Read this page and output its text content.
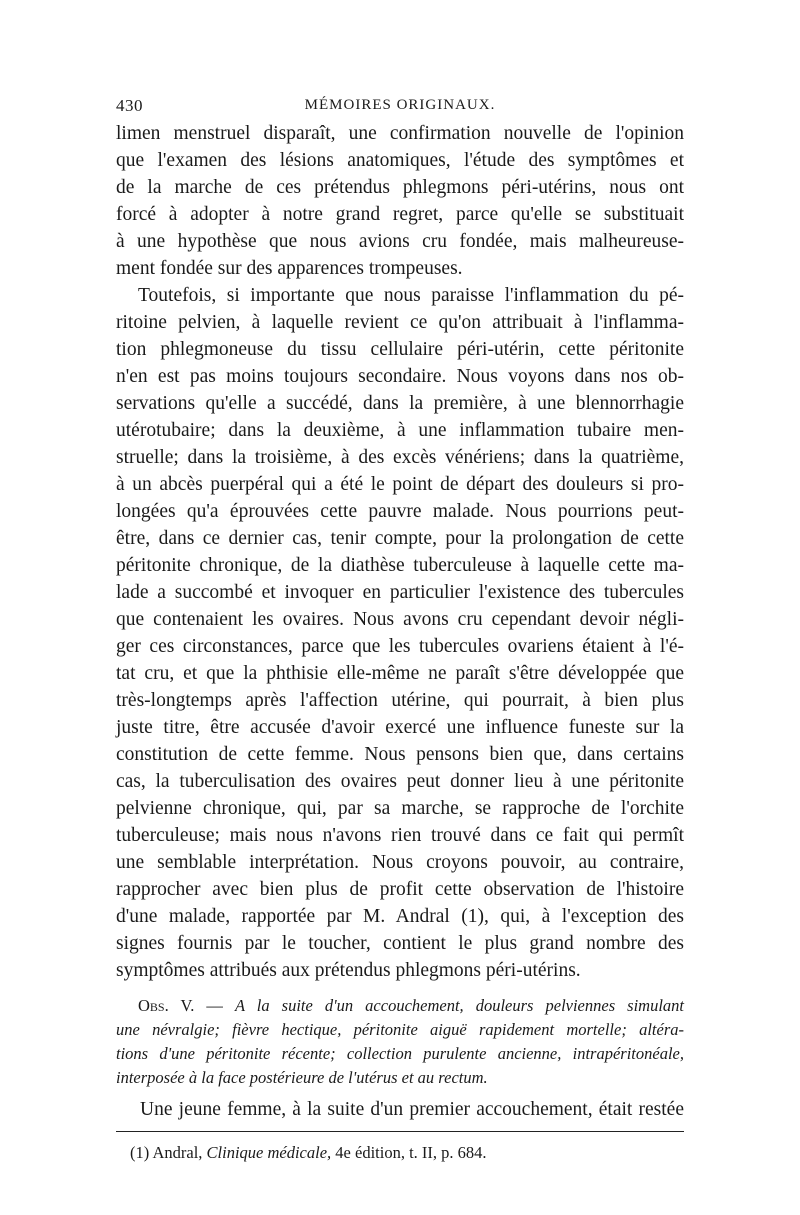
430	MÉMOIRES ORIGINAUX.
limen menstruel disparaît, une confirmation nouvelle de l'opinion
que l'examen des lésions anatomiques, l'étude des symptômes et
de la marche de ces prétendus phlegmons péri-utérins, nous ont
forcé à adopter à notre grand regret, parce qu'elle se substituait
à une hypothèse que nous avions cru fondée, mais malheureuse-
ment fondée sur des apparences trompeuses.
Toutefois, si importante que nous paraisse l'inflammation du pé-
ritoine pelvien, à laquelle revient ce qu'on attribuait à l'inflamma-
tion phlegmoneuse du tissu cellulaire péri-utérin, cette péritonite
n'en est pas moins toujours secondaire. Nous voyons dans nos ob-
servations qu'elle a succédé, dans la première, à une blennorrhagie
utérotubaire; dans la deuxième, à une inflammation tubaire men-
struelle; dans la troisième, à des excès vénériens; dans la quatrième,
à un abcès puerpéral qui a été le point de départ des douleurs si pro-
longées qu'a éprouvées cette pauvre malade. Nous pourrions peut-
être, dans ce dernier cas, tenir compte, pour la prolongation de cette
péritonite chronique, de la diathèse tuberculeuse à laquelle cette ma-
lade a succombé et invoquer en particulier l'existence des tubercules
que contenaient les ovaires. Nous avons cru cependant devoir négli-
ger ces circonstances, parce que les tubercules ovariens étaient à l'é-
tat cru, et que la phthisie elle-même ne paraît s'être développée que
très-longtemps après l'affection utérine, qui pourrait, à bien plus
juste titre, être accusée d'avoir exercé une influence funeste sur la
constitution de cette femme. Nous pensons bien que, dans certains
cas, la tuberculisation des ovaires peut donner lieu à une péritonite
pelvienne chronique, qui, par sa marche, se rapproche de l'orchite
tuberculeuse; mais nous n'avons rien trouvé dans ce fait qui permît
une semblable interprétation. Nous croyons pouvoir, au contraire,
rapprocher avec bien plus de profit cette observation de l'histoire
d'une malade, rapportée par M. Andral (1), qui, à l'exception des
signes fournis par le toucher, contient le plus grand nombre des
symptômes attribués aux prétendus phlegmons péri-utérins.
Obs. V. — A la suite d'un accouchement, douleurs pelviennes simulant
une névralgie; fièvre hectique, péritonite aiguë rapidement mortelle; altéra-
tions d'une péritonite récente; collection purulente ancienne, intrapéritonéale,
interposée à la face postérieure de l'utérus et au rectum.
Une jeune femme, à la suite d'un premier accouchement, était restée
(1) Andral, Clinique médicale, 4e édition, t. II, p. 684.
